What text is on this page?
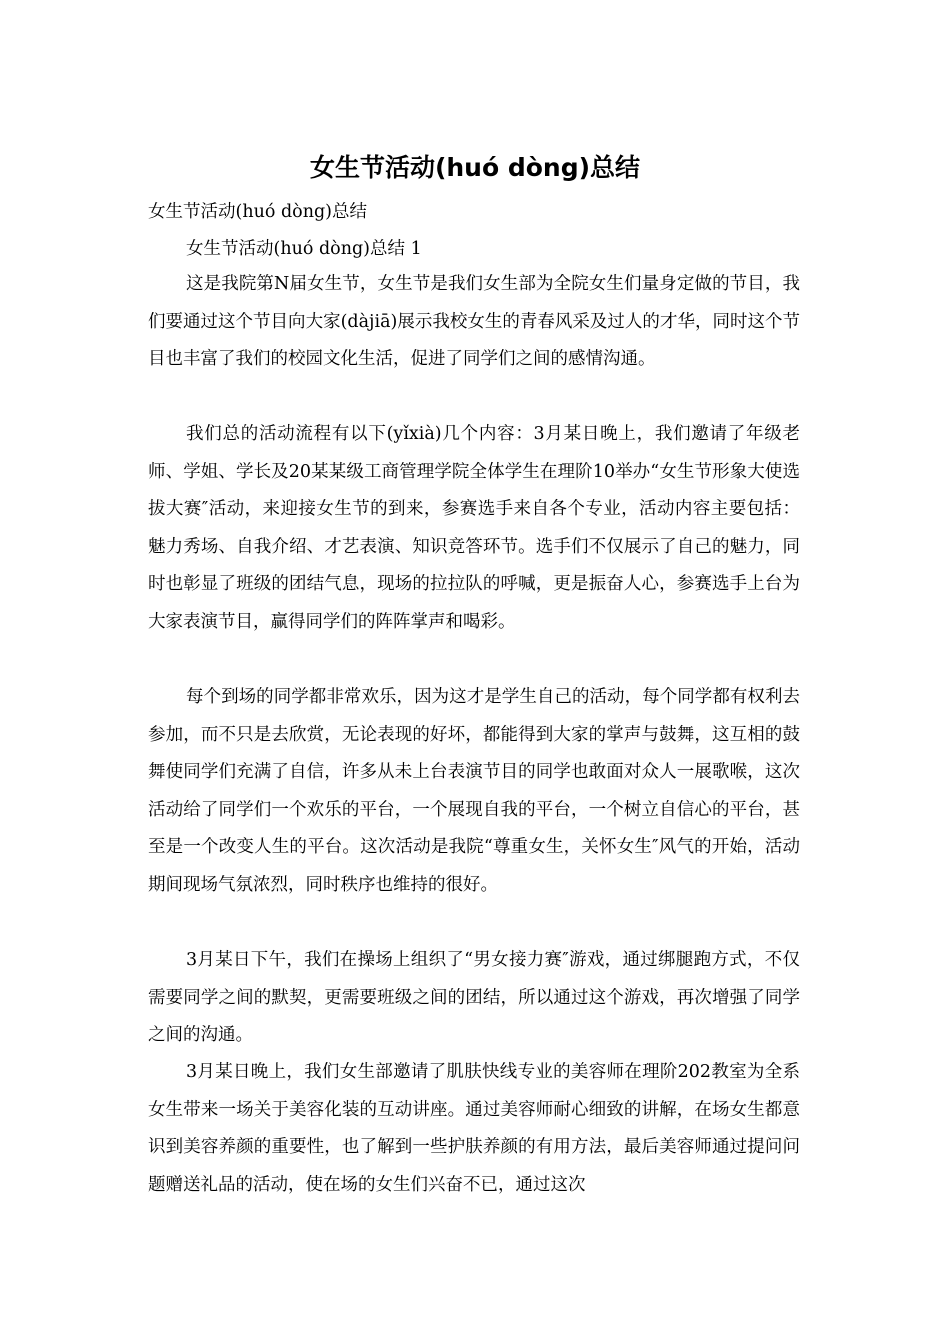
女生节活动(huó dòng)总结
女生节活动(huó dòng)总结
女生节活动(huó dòng)总结 1

这是我院第N届女生节，女生节是我们女生部为全院女生们量身定做的节目，我们要通过这个节目向大家(dàjiā)展示我校女生的青春风采及过人的才华，同时这个节目也丰富了我们的校园文化生活，促进了同学们之间的感情沟通。

我们总的活动流程有以下(yǐxià)几个内容：3月某日晚上，我们邀请了年级老师、学姐、学长及20某某级工商管理学院全体学生在理阶10举办“女生节形象大使选拔大赛″活动，来迎接女生节的到来，参赛选手来自各个专业，活动内容主要包括：魅力秀场、自我介绍、才艺表演、知识竞答环节。选手们不仅展示了自己的魅力，同时也彰显了班级的团结气息，现场的拉拉队的呼喊，更是振奋人心，参赛选手上台为大家表演节目，赢得同学们的阵阵掌声和喝彩。

每个到场的同学都非常欢乐，因为这才是学生自己的活动，每个同学都有权利去参加，而不只是去欣赏，无论表现的好坏，都能得到大家的掌声与鼓舞，这互相的鼓舞使同学们充满了自信，许多从未上台表演节目的同学也敢面对众人一展歌喉，这次活动给了同学们一个欢乐的平台，一个展现自我的平台，一个树立自信心的平台，甚至是一个改变人生的平台。这次活动是我院“尊重女生，关怀女生″风气的开始，活动期间现场气氛浓烈，同时秩序也维持的很好。

3月某日下午，我们在操场上组织了“男女接力赛″游戏，通过绑腿跑方式，不仅需要同学之间的默契，更需要班级之间的团结，所以通过这个游戏，再次增强了同学之间的沟通。

3月某日晚上，我们女生部邀请了肌肤快线专业的美容师在理阶202教室为全系女生带来一场关于美容化装的互动讲座。通过美容师耐心细致的讲解，在场女生都意识到美容养颜的重要性，也了解到一些护肤养颜的有用方法，最后美容师通过提问问题赠送礼品的活动，使在场的女生们兴奋不已，通过这次
